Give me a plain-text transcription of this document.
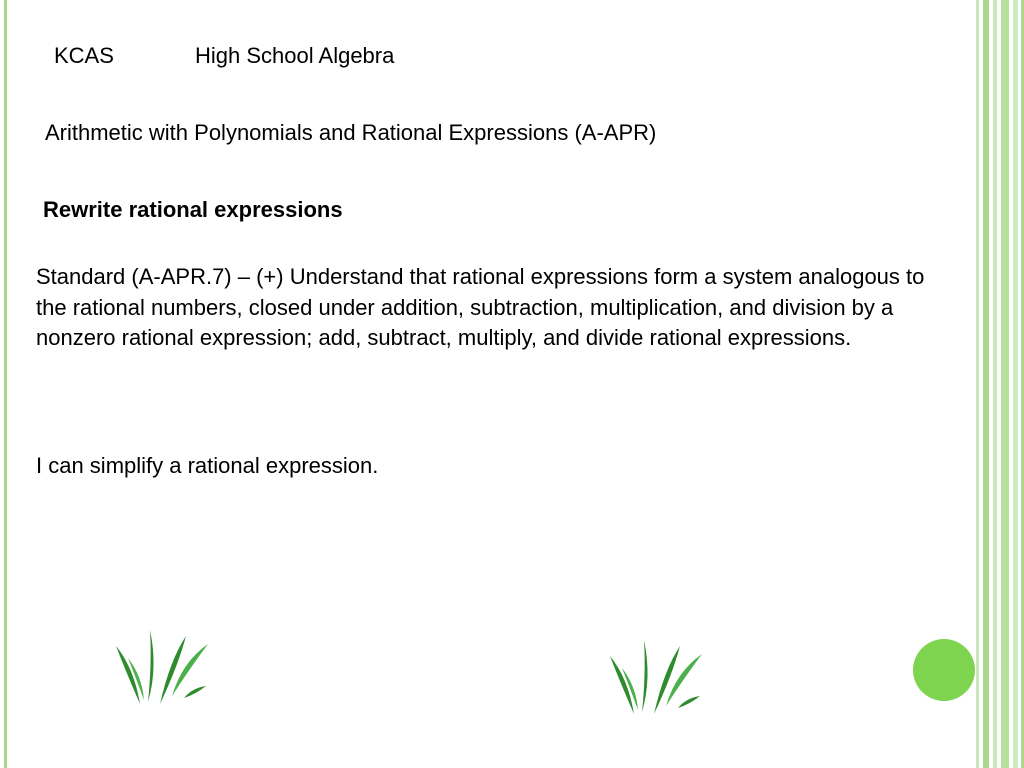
KCAS	High School Algebra
Arithmetic with Polynomials and Rational Expressions (A-APR)
Rewrite rational expressions
Standard (A-APR.7) – (+) Understand that rational expressions form a system analogous to the rational numbers, closed under addition, subtraction, multiplication, and division by a nonzero rational expression; add, subtract, multiply, and divide rational expressions.
I can simplify a rational expression.
